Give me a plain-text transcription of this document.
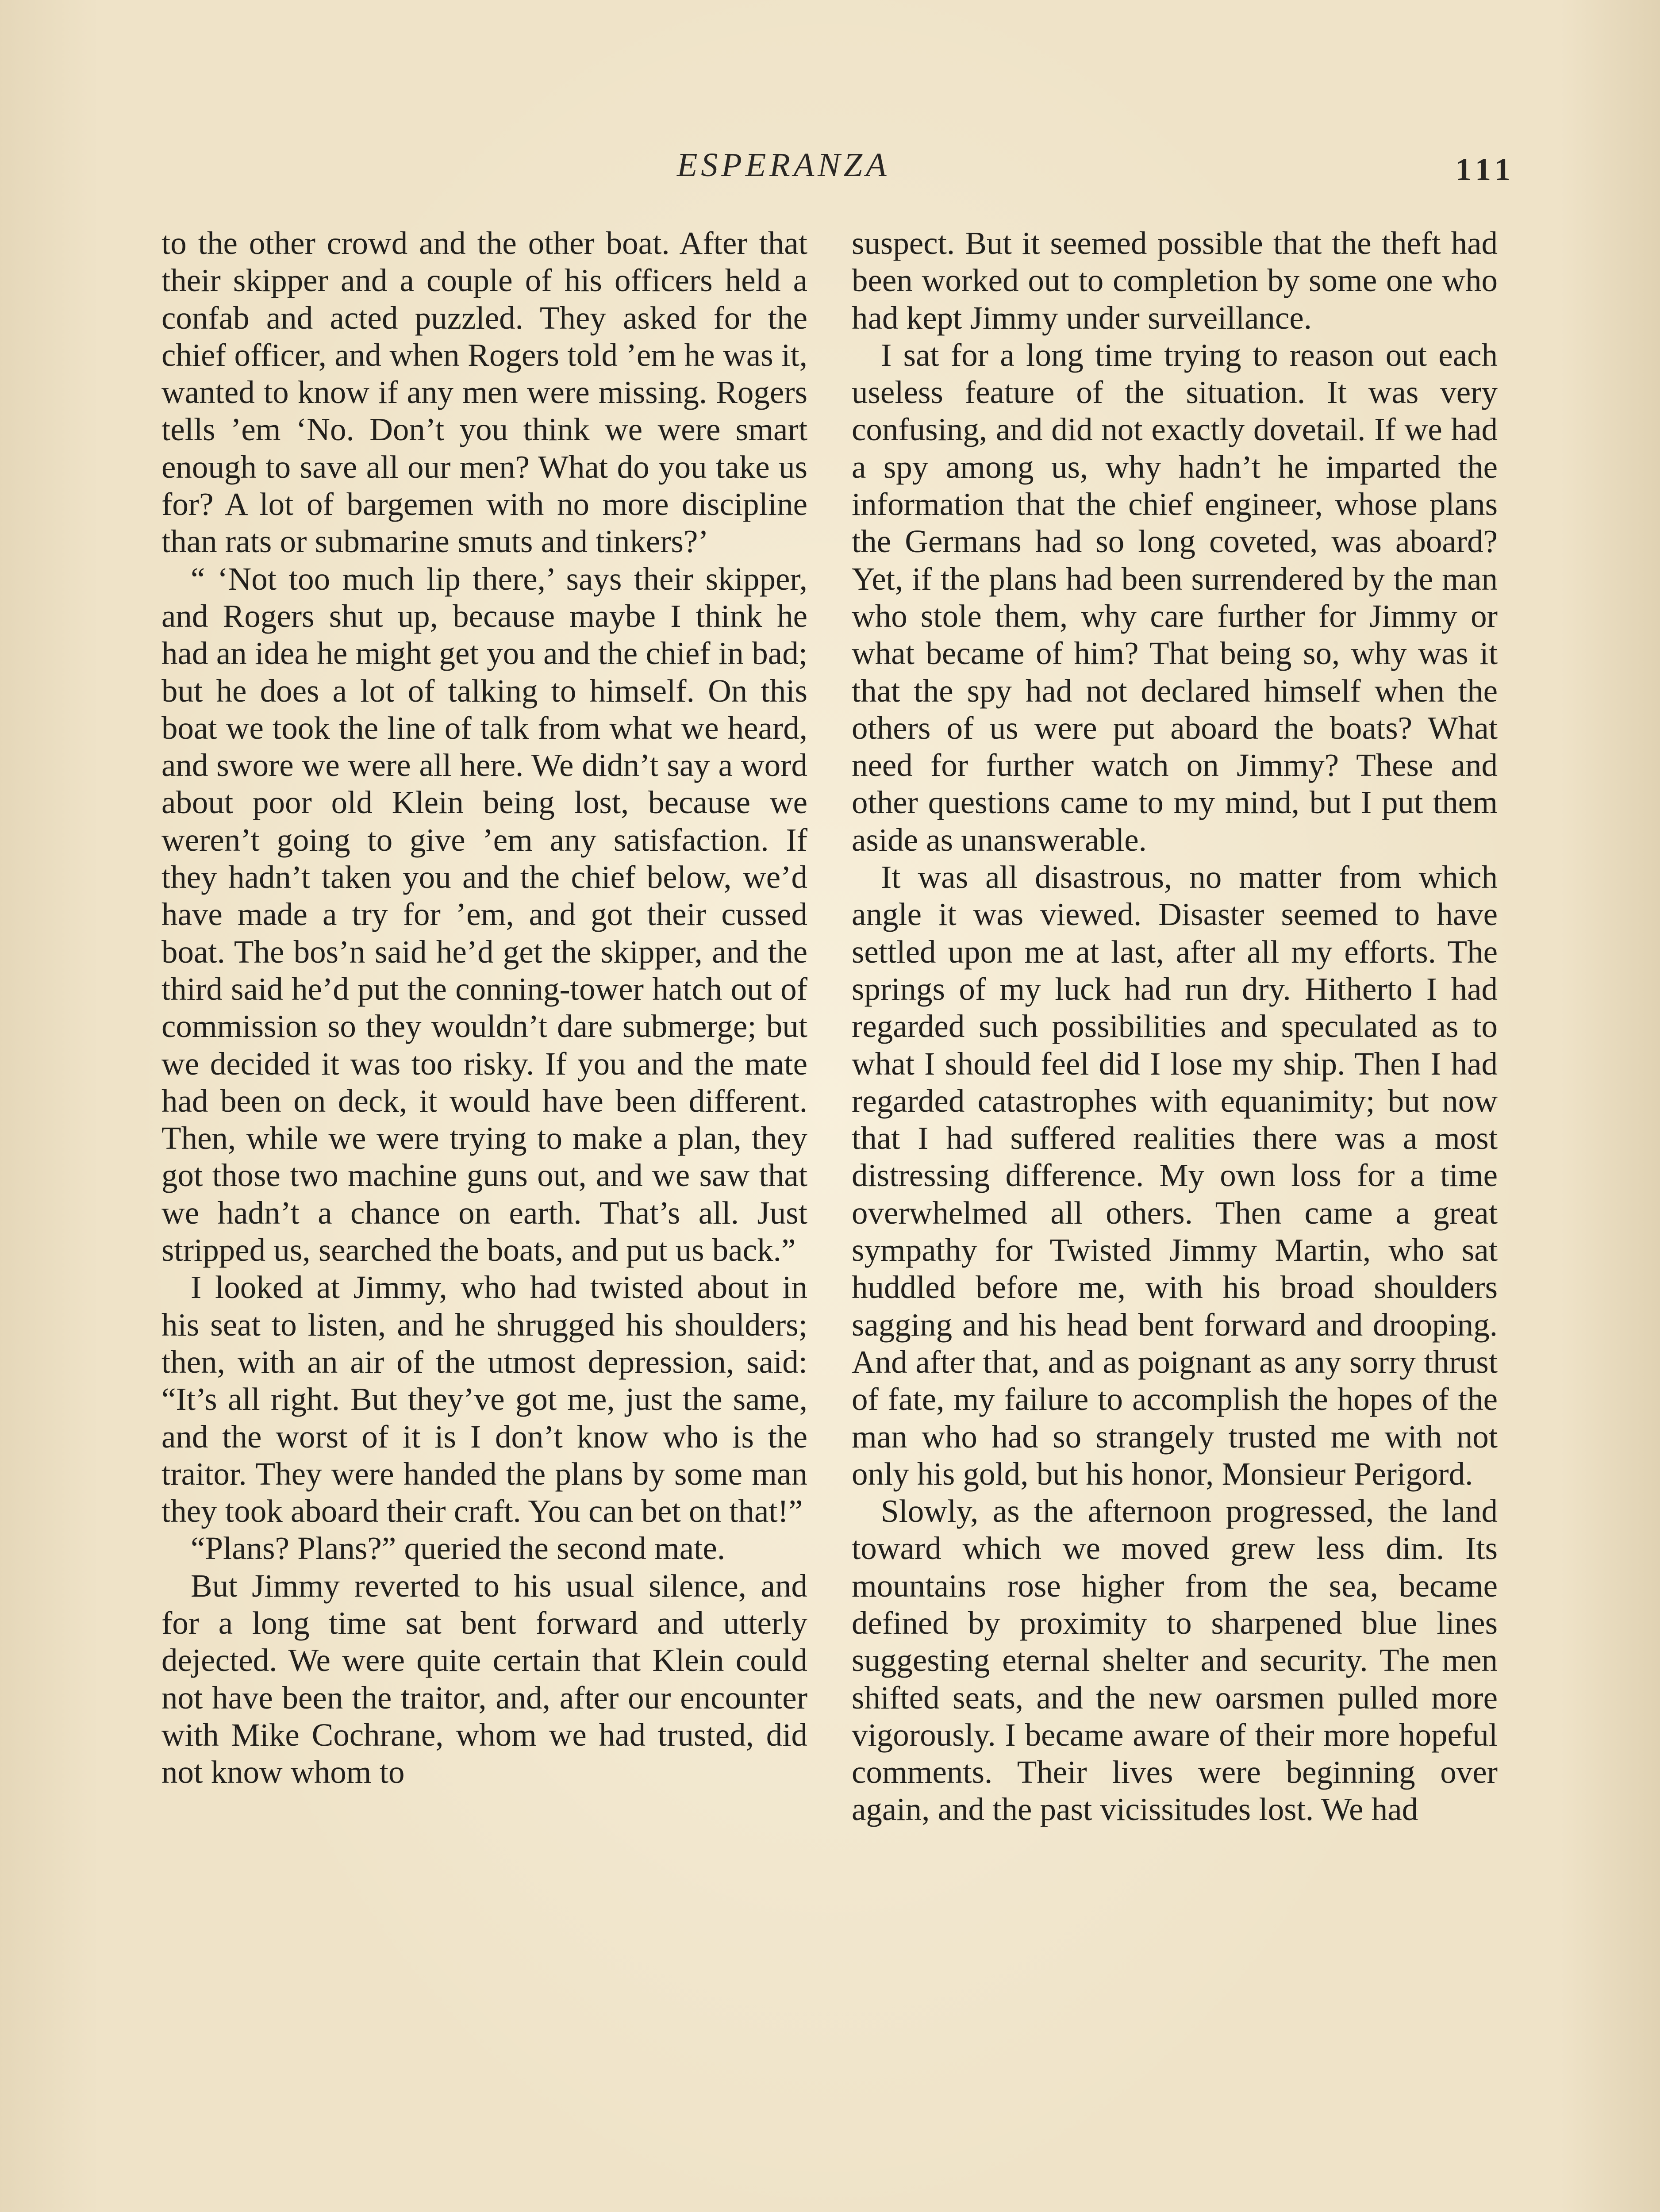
ESPERANZA	111

to the other crowd and the other boat. After that their skipper and a couple of his officers held a confab and acted puzzled. They asked for the chief officer, and when Rogers told ’em he was it, wanted to know if any men were missing. Rogers tells ’em ‘No. Don’t you think we were smart enough to save all our men? What do you take us for? A lot of bargemen with no more discipline than rats or submarine smuts and tinkers?’

“ ‘Not too much lip there,’ says their skipper, and Rogers shut up, because maybe I think he had an idea he might get you and the chief in bad; but he does a lot of talking to himself. On this boat we took the line of talk from what we heard, and swore we were all here. We didn’t say a word about poor old Klein being lost, because we weren’t going to give ’em any satisfaction. If they hadn’t taken you and the chief below, we’d have made a try for ’em, and got their cussed boat. The bos’n said he’d get the skipper, and the third said he’d put the conning-tower hatch out of commission so they wouldn’t dare submerge; but we decided it was too risky. If you and the mate had been on deck, it would have been different. Then, while we were trying to make a plan, they got those two machine guns out, and we saw that we hadn’t a chance on earth. That’s all. Just stripped us, searched the boats, and put us back.”

I looked at Jimmy, who had twisted about in his seat to listen, and he shrugged his shoulders; then, with an air of the utmost depression, said: “It’s all right. But they’ve got me, just the same, and the worst of it is I don’t know who is the traitor. They were handed the plans by some man they took aboard their craft. You can bet on that!”

“Plans? Plans?” queried the second mate.

But Jimmy reverted to his usual silence, and for a long time sat bent forward and utterly dejected. We were quite certain that Klein could not have been the traitor, and, after our encounter with Mike Cochrane, whom we had trusted, did not know whom to

suspect. But it seemed possible that the theft had been worked out to completion by some one who had kept Jimmy under surveillance.

I sat for a long time trying to reason out each useless feature of the situation. It was very confusing, and did not exactly dovetail. If we had a spy among us, why hadn’t he imparted the information that the chief engineer, whose plans the Germans had so long coveted, was aboard? Yet, if the plans had been surrendered by the man who stole them, why care further for Jimmy or what became of him? That being so, why was it that the spy had not declared himself when the others of us were put aboard the boats? What need for further watch on Jimmy? These and other questions came to my mind, but I put them aside as unanswerable.

It was all disastrous, no matter from which angle it was viewed. Disaster seemed to have settled upon me at last, after all my efforts. The springs of my luck had run dry. Hitherto I had regarded such possibilities and speculated as to what I should feel did I lose my ship. Then I had regarded catastrophes with equanimity; but now that I had suffered realities there was a most distressing difference. My own loss for a time overwhelmed all others. Then came a great sympathy for Twisted Jimmy Martin, who sat huddled before me, with his broad shoulders sagging and his head bent forward and drooping. And after that, and as poignant as any sorry thrust of fate, my failure to accomplish the hopes of the man who had so strangely trusted me with not only his gold, but his honor, Monsieur Perigord.

Slowly, as the afternoon progressed, the land toward which we moved grew less dim. Its mountains rose higher from the sea, became defined by proximity to sharpened blue lines suggesting eternal shelter and security. The men shifted seats, and the new oarsmen pulled more vigorously. I became aware of their more hopeful comments. Their lives were beginning over again, and the past vicissitudes lost. We had
